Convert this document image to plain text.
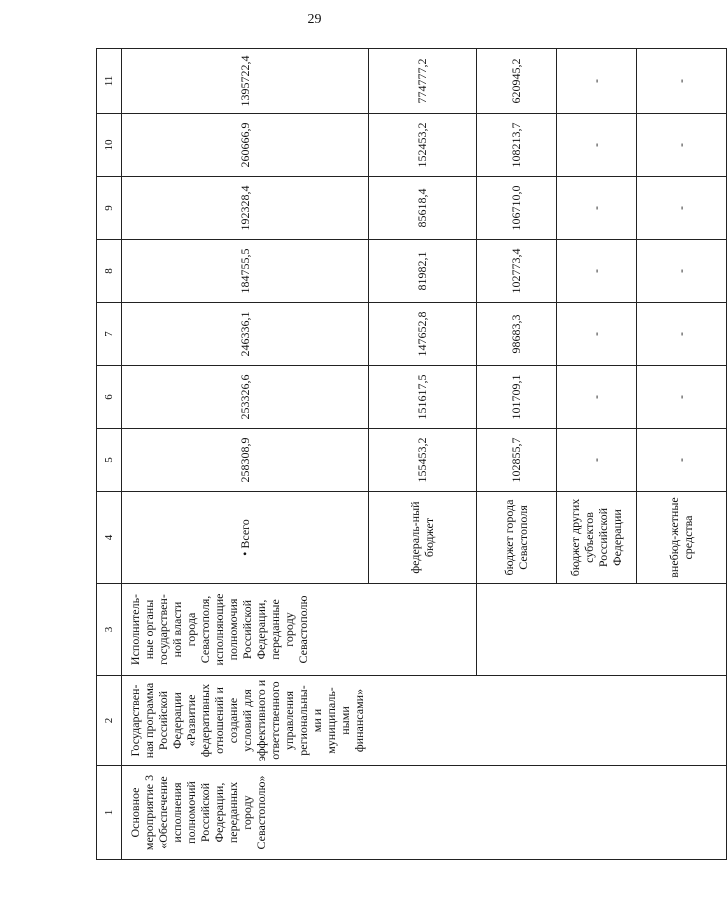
29
1	2	3	4	5	6	7	8	9	10	11
Основное мероприятие 3 «Обеспечение исполнения полномочий Российской Федерации, переданных городу Севастополю»	Государствен-ная программа Российской Федерации «Развитие федеративных отношений и создание условий для эффективного и ответственного управления региональны-ми и муниципаль-ными финансами»	Исполнитель-ные органы государствен-ной власти города Севастополя, исполняющие полномочия Российской Федерации, переданные городу Севастополю	• Всего	258308,9	253326,6	246336,1	184755,5	192328,4	260666,9	1395722,4
			федераль-ный бюджет	155453,2	151617,5	147652,8	81982,1	85618,4	152453,2	774777,2
			бюджет города Севастополя	102855,7	101709,1	98683,3	102773,4	106710,0	108213,7	620945,2
			бюджет других субъектов Российской Федерации	-	-	-	-	-	-	-
			внебюд-жетные средства	-	-	-	-	-	-	-
